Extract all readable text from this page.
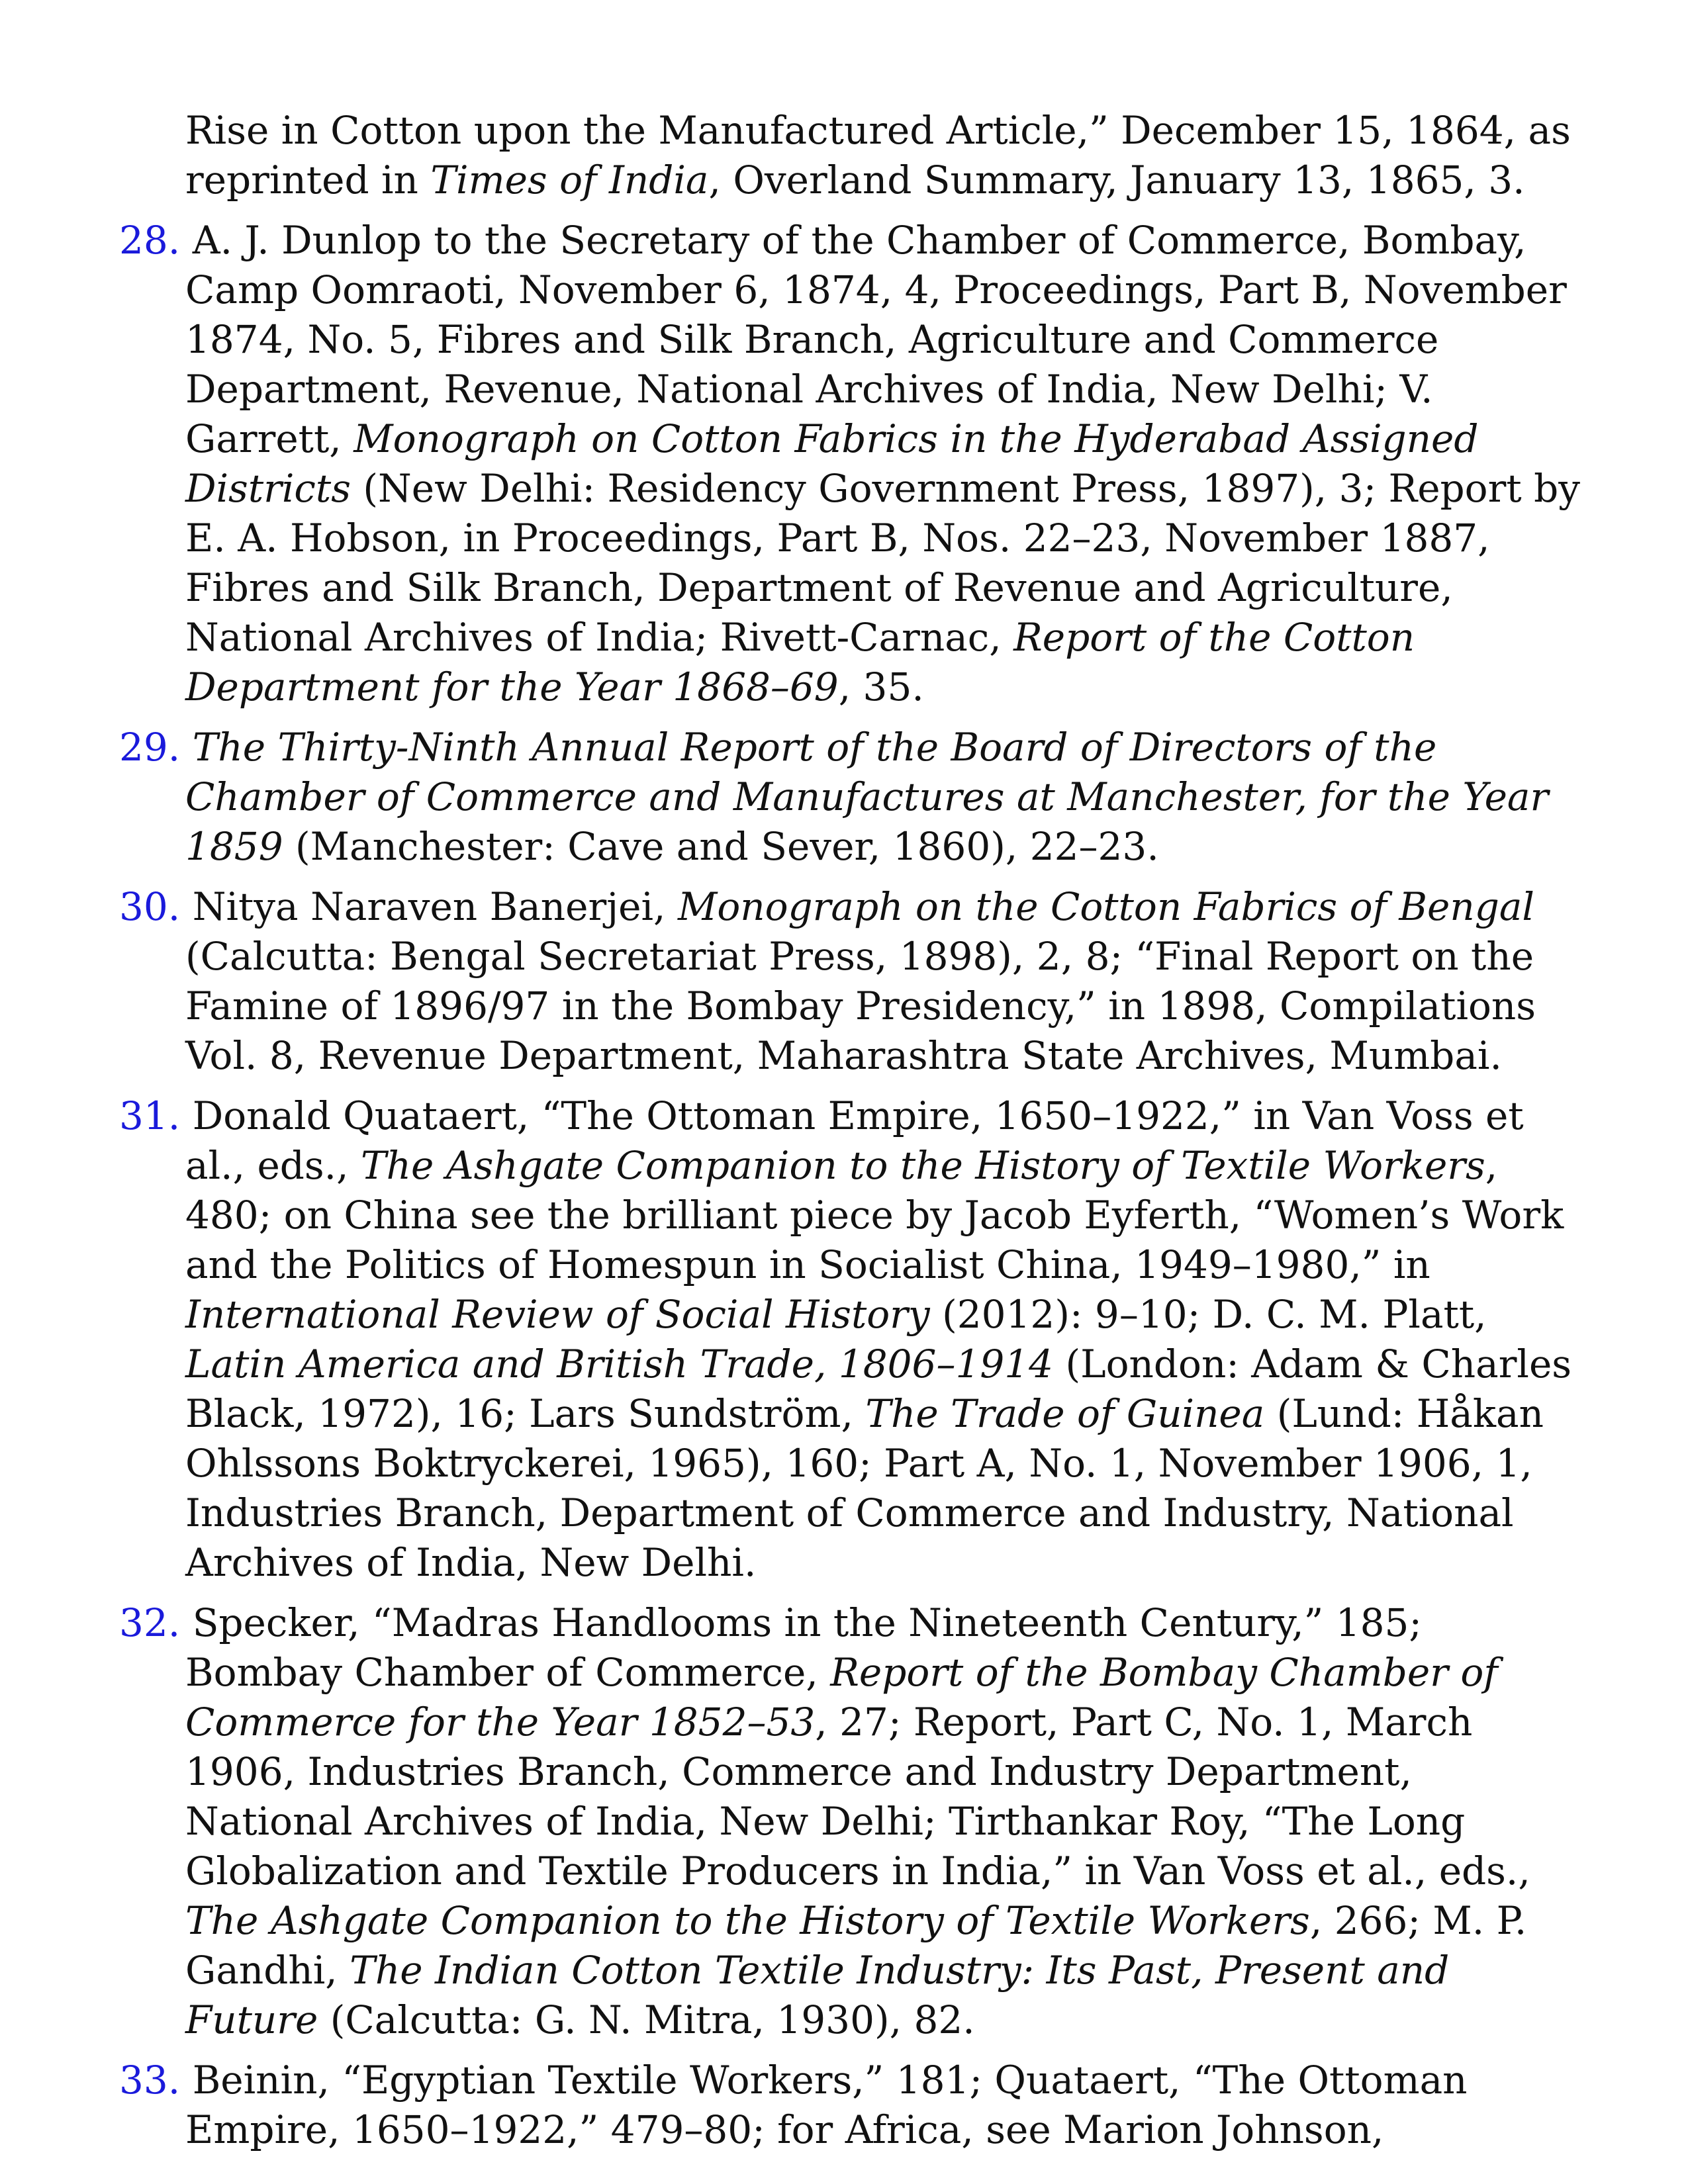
Rise in Cotton upon the Manufactured Article,” December 15, 1864, as reprinted in Times of India, Overland Summary, January 13, 1865, 3.

28. A. J. Dunlop to the Secretary of the Chamber of Commerce, Bombay, Camp Oomraoti, November 6, 1874, 4, Proceedings, Part B, November 1874, No. 5, Fibres and Silk Branch, Agriculture and Commerce Department, Revenue, National Archives of India, New Delhi; V. Garrett, Monograph on Cotton Fabrics in the Hyderabad Assigned Districts (New Delhi: Residency Government Press, 1897), 3; Report by E. A. Hobson, in Proceedings, Part B, Nos. 22–23, November 1887, Fibres and Silk Branch, Department of Revenue and Agriculture, National Archives of India; Rivett-Carnac, Report of the Cotton Department for the Year 1868–69, 35.

29. The Thirty-Ninth Annual Report of the Board of Directors of the Chamber of Commerce and Manufactures at Manchester, for the Year 1859 (Manchester: Cave and Sever, 1860), 22–23.

30. Nitya Naraven Banerjei, Monograph on the Cotton Fabrics of Bengal (Calcutta: Bengal Secretariat Press, 1898), 2, 8; “Final Report on the Famine of 1896/97 in the Bombay Presidency,” in 1898, Compilations Vol. 8, Revenue Department, Maharashtra State Archives, Mumbai.

31. Donald Quataert, “The Ottoman Empire, 1650–1922,” in Van Voss et al., eds., The Ashgate Companion to the History of Textile Workers, 480; on China see the brilliant piece by Jacob Eyferth, “Women’s Work and the Politics of Homespun in Socialist China, 1949–1980,” in International Review of Social History (2012): 9–10; D. C. M. Platt, Latin America and British Trade, 1806–1914 (London: Adam & Charles Black, 1972), 16; Lars Sundström, The Trade of Guinea (Lund: Håkan Ohlssons Boktryckerei, 1965), 160; Part A, No. 1, November 1906, 1, Industries Branch, Department of Commerce and Industry, National Archives of India, New Delhi.

32. Specker, “Madras Handlooms in the Nineteenth Century,” 185; Bombay Chamber of Commerce, Report of the Bombay Chamber of Commerce for the Year 1852–53, 27; Report, Part C, No. 1, March 1906, Industries Branch, Commerce and Industry Department, National Archives of India, New Delhi; Tirthankar Roy, “The Long Globalization and Textile Producers in India,” in Van Voss et al., eds., The Ashgate Companion to the History of Textile Workers, 266; M. P. Gandhi, The Indian Cotton Textile Industry: Its Past, Present and Future (Calcutta: G. N. Mitra, 1930), 82.

33. Beinin, “Egyptian Textile Workers,” 181; Quataert, “The Ottoman Empire, 1650–1922,” 479–80; for Africa, see Marion Johnson,
